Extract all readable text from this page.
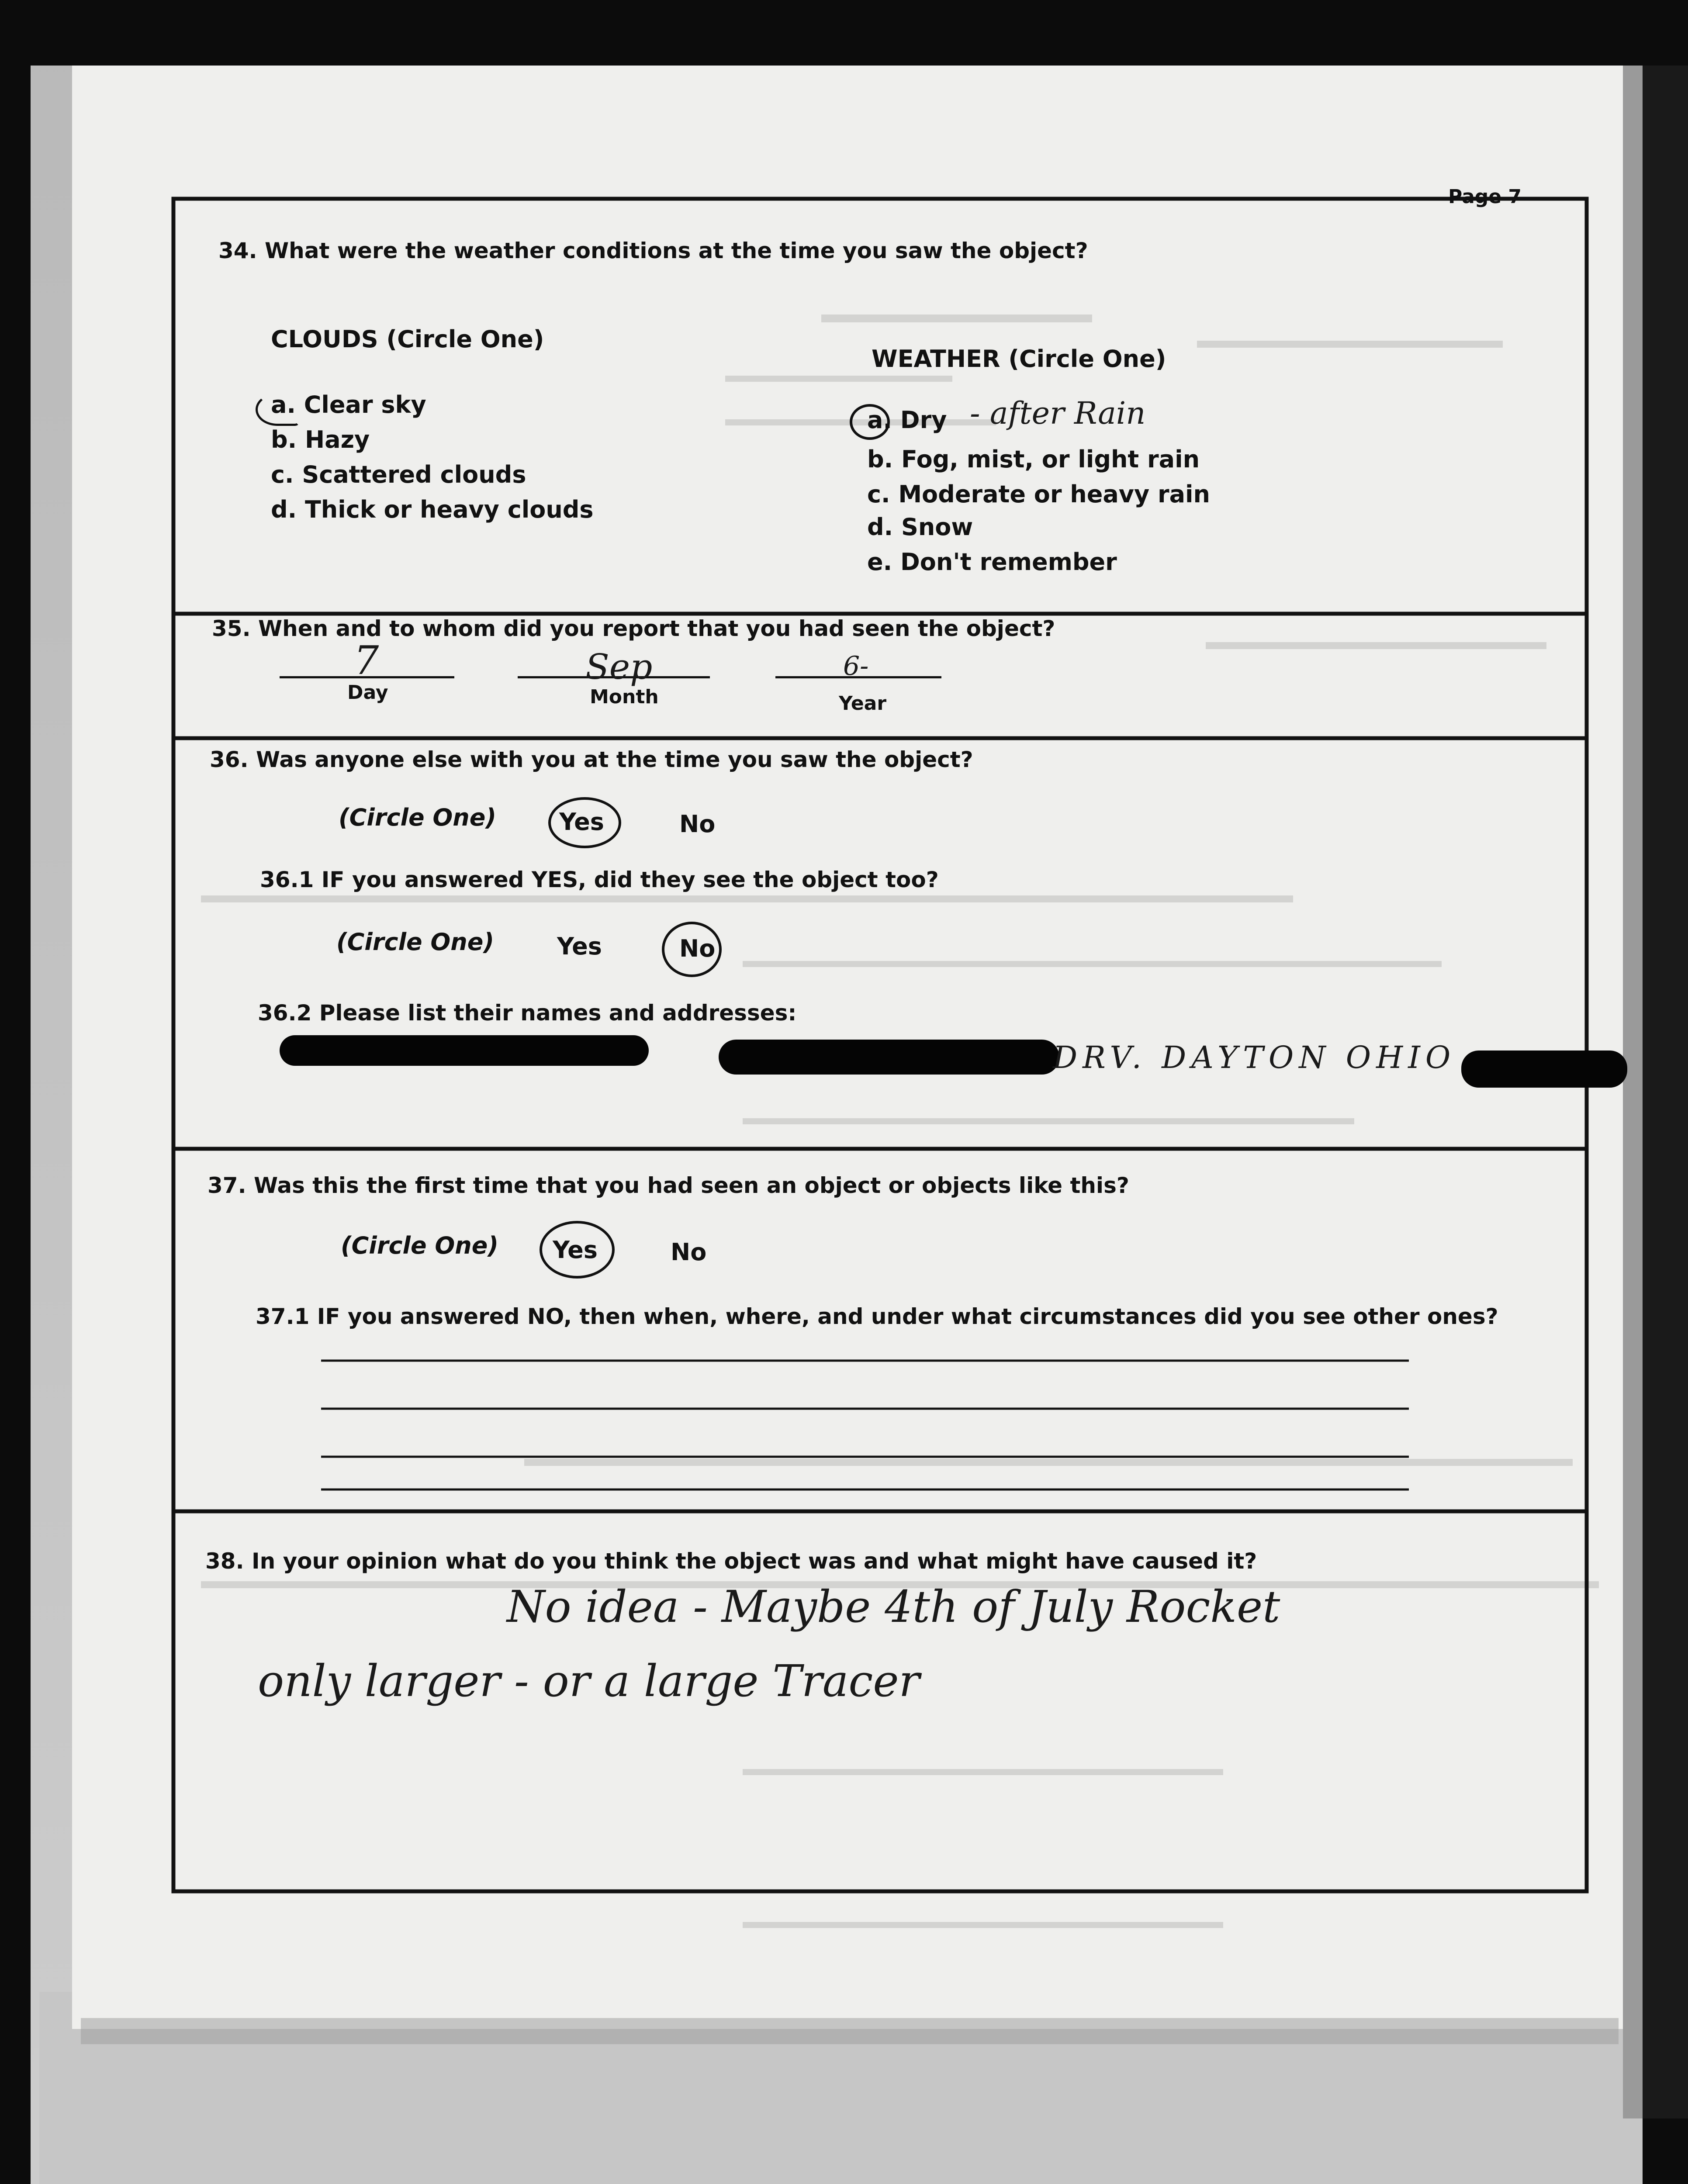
Page 7
34. What were the weather conditions at the time you saw the object?
CLOUDS (Circle One)
a. Clear sky
b. Hazy
c. Scattered clouds
d. Thick or heavy clouds
WEATHER (Circle One)
a. Dry
b. Fog, mist, or light rain
c. Moderate or heavy rain
d. Snow
e. Don't remember
- after Rain
35. When and to whom did you report that you had seen the object?
7	Sep	6-
Day	Month	Year
36. Was anyone else with you at the time you saw the object?
(Circle One)	Yes	No
36.1 IF you answered YES, did they see the object too?
(Circle One)	Yes	No
36.2 Please list their names and addresses:
DRV. DAYTON OHIO
37. Was this the first time that you had seen an object or objects like this?
(Circle One) Yes	No
37.1 IF you answered NO, then when, where, and under what circumstances did you see other ones?
38. In your opinion what do you think the object was and what might have caused it?
No idea - Maybe 4th of July Rocket
only larger - or a large Tracer
